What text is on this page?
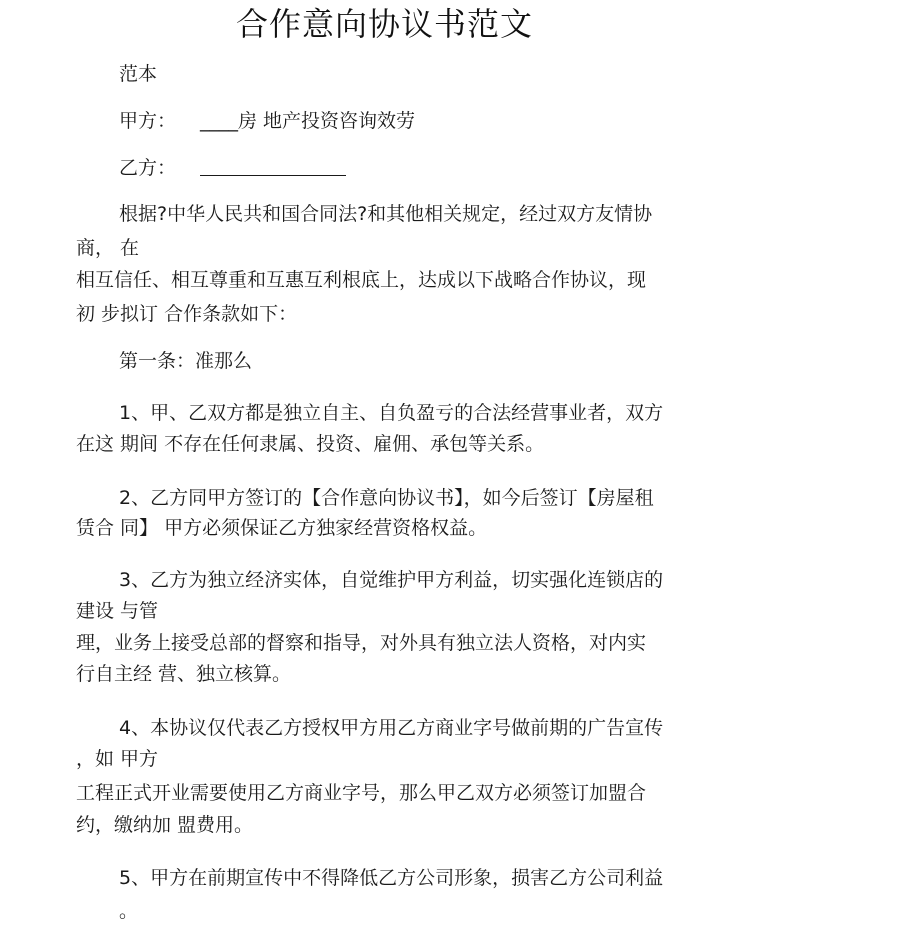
合作意向协议书范文
范本
甲方： ____房 地产投资咨询效劳
乙方：
根据?中华人民共和国合同法?和其他相关规定，经过双方友情协
商， 在
相互信任、相互尊重和互惠互利根底上，达成以下战略合作协议，现
初 步拟订 合作条款如下：
第一条：准那么
1、甲、乙双方都是独立自主、自负盈亏的合法经营事业者，双方
在这 期间 不存在任何隶属、投资、雇佣、承包等关系。
2、乙方同甲方签订的【合作意向协议书】，如今后签订【房屋租
赁合 同】 甲方必须保证乙方独家经营资格权益。
3、乙方为独立经济实体，自觉维护甲方利益，切实强化连锁店的
建设 与管
理，业务上接受总部的督察和指导，对外具有独立法人资格，对内实
行自主经 营、独立核算。
4、本协议仅代表乙方授权甲方用乙方商业字号做前期的广告宣传
，如 甲方
工程正式开业需要使用乙方商业字号，那么甲乙双方必须签订加盟合
约，缴纳加 盟费用。
5、甲方在前期宣传中不得降低乙方公司形象，损害乙方公司利益
。
